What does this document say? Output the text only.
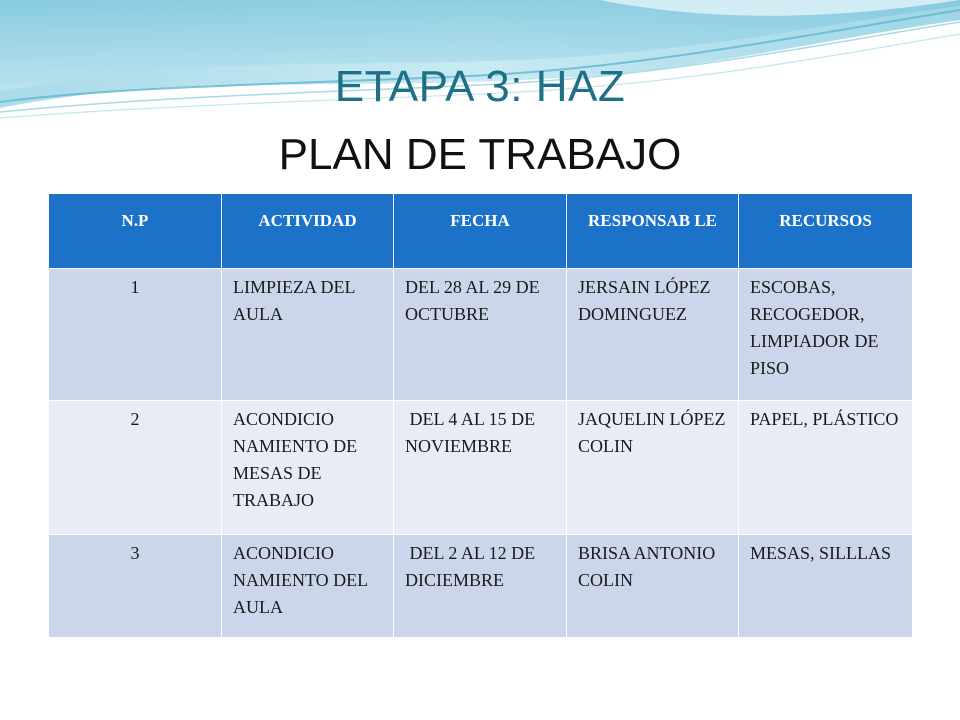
ETAPA 3: HAZ
PLAN DE TRABAJO
N.P	ACTIVIDAD	FECHA	RESPONSAB LE	RECURSOS
1	LIMPIEZA DEL AULA	DEL 28 AL 29 DE OCTUBRE	JERSAIN LÓPEZ DOMINGUEZ	ESCOBAS, RECOGEDOR, LIMPIADOR DE PISO
2	ACONDICIO NAMIENTO DE MESAS DE TRABAJO	DEL 4 AL 15 DE NOVIEMBRE	JAQUELIN LÓPEZ COLIN	PAPEL, PLÁSTICO
3	ACONDICIO NAMIENTO DEL AULA	DEL 2 AL 12 DE DICIEMBRE	BRISA ANTONIO COLIN	MESAS, SILLLAS
